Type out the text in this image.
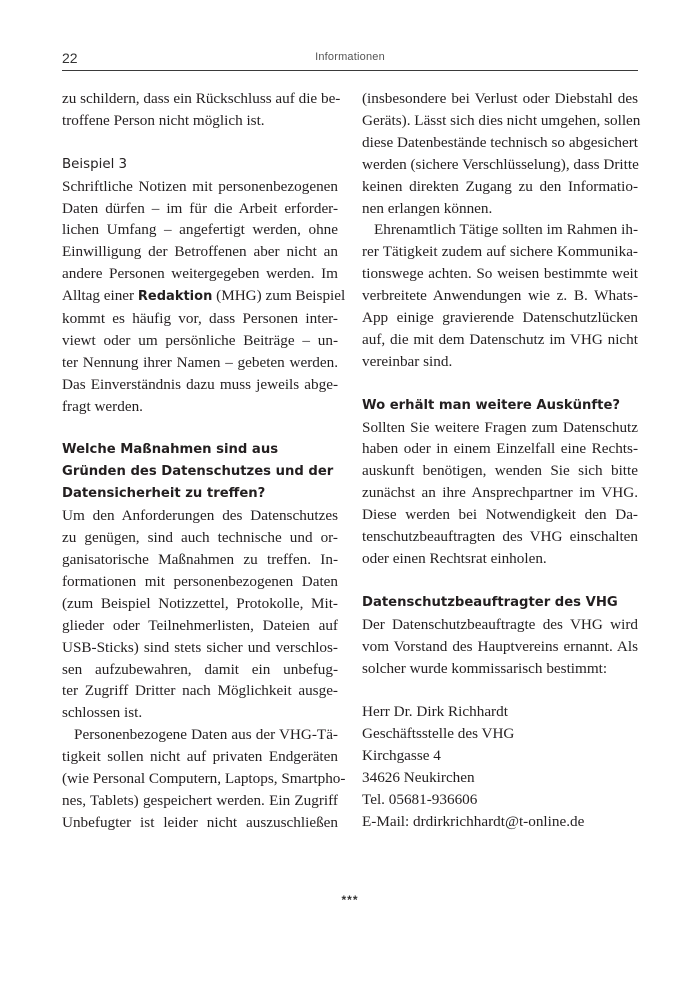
22	Informationen
zu schildern, dass ein Rückschluss auf die be-
troffene Person nicht möglich ist.
Beispiel 3
Schriftliche Notizen mit personenbezogenen
Daten dürfen – im für die Arbeit erforder-
lichen Umfang – angefertigt werden, ohne
Einwilligung der Betroffenen aber nicht an
andere Personen weitergegeben werden. Im
Alltag einer Redaktion (MHG) zum Beispiel
kommt es häufig vor, dass Personen inter-
viewt oder um persönliche Beiträge – un-
ter Nennung ihrer Namen – gebeten werden.
Das Einverständnis dazu muss jeweils abge-
fragt werden.
Welche Maßnahmen sind aus
Gründen des Datenschutzes und der
Datensicherheit zu treffen?
Um den Anforderungen des Datenschutzes
zu genügen, sind auch technische und or-
ganisatorische Maßnahmen zu treffen. In-
formationen mit personenbezogenen Daten
(zum Beispiel Notizzettel, Protokolle, Mit-
glieder oder Teilnehmerlisten, Dateien auf
USB-Sticks) sind stets sicher und verschlos-
sen aufzubewahren, damit ein unbefug-
ter Zugriff Dritter nach Möglichkeit ausge-
schlossen ist.
Personenbezogene Daten aus der VHG-Tä-
tigkeit sollen nicht auf privaten Endgeräten
(wie Personal Computern, Laptops, Smartpho-
nes, Tablets) gespeichert werden. Ein Zugriff
Unbefugter ist leider nicht auszuschließen
(insbesondere bei Verlust oder Diebstahl des
Geräts). Lässt sich dies nicht umgehen, sollen
diese Datenbestände technisch so abgesichert
werden (sichere Verschlüsselung), dass Dritte
keinen direkten Zugang zu den Informatio-
nen erlangen können.
Ehrenamtlich Tätige sollten im Rahmen ih-
rer Tätigkeit zudem auf sichere Kommunika-
tionswege achten. So weisen bestimmte weit
verbreitete Anwendungen wie z. B. Whats-
App einige gravierende Datenschutzlücken
auf, die mit dem Datenschutz im VHG nicht
vereinbar sind.
Wo erhält man weitere Auskünfte?
Sollten Sie weitere Fragen zum Datenschutz
haben oder in einem Einzelfall eine Rechts-
auskunft benötigen, wenden Sie sich bitte
zunächst an ihre Ansprechpartner im VHG.
Diese werden bei Notwendigkeit den Da-
tenschutzbeauftragten des VHG einschalten
oder einen Rechtsrat einholen.
Datenschutzbeauftragter des VHG
Der Datenschutzbeauftragte des VHG wird
vom Vorstand des Hauptvereins ernannt. Als
solcher wurde kommissarisch bestimmt:
Herr Dr. Dirk Richhardt
Geschäftsstelle des VHG
Kirchgasse 4
34626 Neukirchen
Tel. 05681-936606
E-Mail: drdirkrichhardt@t-online.de
***
